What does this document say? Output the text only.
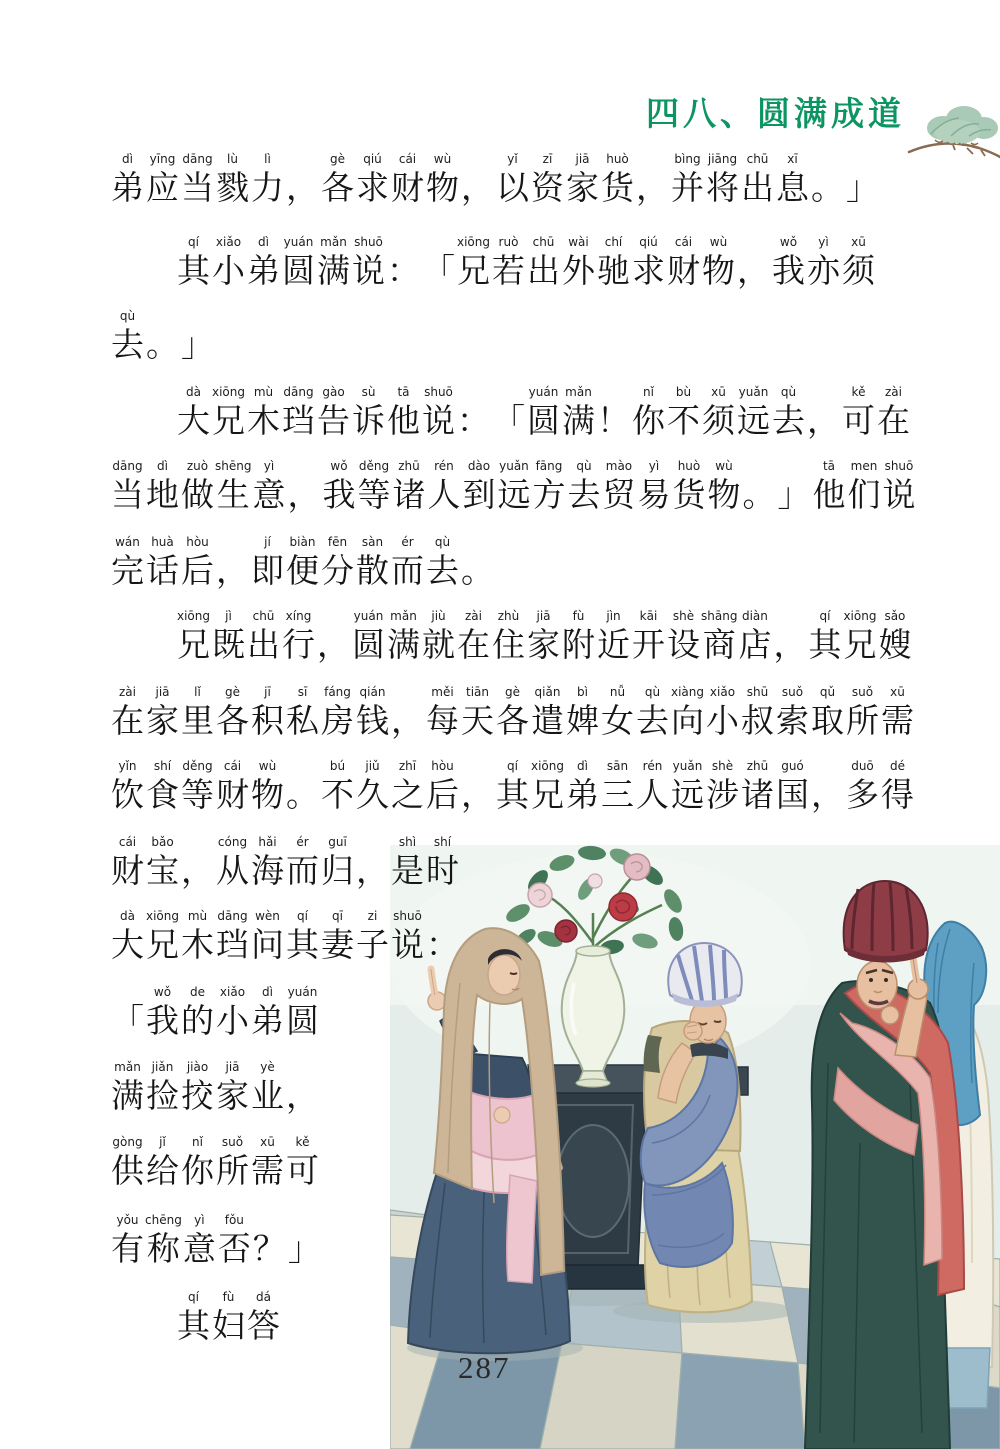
四八、圆满成道
dì
弟
yīng
应
dāng
当
lù
戮
lì
力 ，
gè
各
qiú
求
cái
财
wù
物 ，
yǐ
以
zī
资
jiā
家
huò
货 ，
bìng
并
jiāng
将
chū
出
xī
息 。 」
qí
其
xiǎo
小
dì
弟
yuán
圆
mǎn
满
shuō
说 ： 「
xiōng
兄
ruò
若
chū
出
wài
外
chí
驰
qiú
求
cái
财
wù
物 ，
wǒ
我
yì
亦
xū
须
qù
去 。 」
dà
大
xiōng
兄
mù
木
dāng
珰
gào
告
sù
诉
tā
他
shuō
说 ： 「
yuán
圆
mǎn
满 ！
nǐ
你
bù
不
xū
须
yuǎn
远
qù
去 ，
kě
可
zài
在
dāng
当
dì
地
zuò
做
shēng
生
yì
意 ，
wǒ
我
děng
等
zhū
诸
rén
人
dào
到
yuǎn
远
fāng
方
qù
去
mào
贸
yì
易
huò
货
wù
物 。 」
tā
他
men
们
shuō
说
wán
完
huà
话
hòu
后 ，
jí
即
biàn
便
fēn
分
sàn
散
ér
而
qù
去 。
xiōng
兄
jì
既
chū
出
xíng
行 ，
yuán
圆
mǎn
满
jiù
就
zài
在
zhù
住
jiā
家
fù
附
jìn
近
kāi
开
shè
设
shāng
商
diàn
店 ，
qí
其
xiōng
兄
sǎo
嫂
zài
在
jiā
家
lǐ
里
gè
各
jī
积
sī
私
fáng
房
qián
钱 ，
měi
每
tiān
天
gè
各
qiǎn
遣
bì
婢
nǚ
女
qù
去
xiàng
向
xiǎo
小
shū
叔
suǒ
索
qǔ
取
suǒ
所
xū
需
yǐn
饮
shí
食
děng
等
cái
财
wù
物 。
bú
不
jiǔ
久
zhī
之
hòu
后 ，
qí
其
xiōng
兄
dì
弟
sān
三
rén
人
yuǎn
远
shè
涉
zhū
诸
guó
国 ，
duō
多
dé
得
cái
财
bǎo
宝 ，
cóng
从
hǎi
海
ér
而
guī
归 ，
shì
是
shí
时
dà
大
xiōng
兄
mù
木
dāng
珰
wèn
问
qí
其
qī
妻
zi
子
shuō
说 ：
「
wǒ
我
de
的
xiǎo
小
dì
弟
yuán
圆
mǎn
满
jiǎn
捡
jiào
挍
jiā
家
yè
业 ，
gòng
供
jǐ
给
nǐ
你
suǒ
所
xū
需
kě
可
yǒu
有
chēng
称
yì
意
fǒu
否 ？ 」
qí
其
fù
妇
dá
答
287
